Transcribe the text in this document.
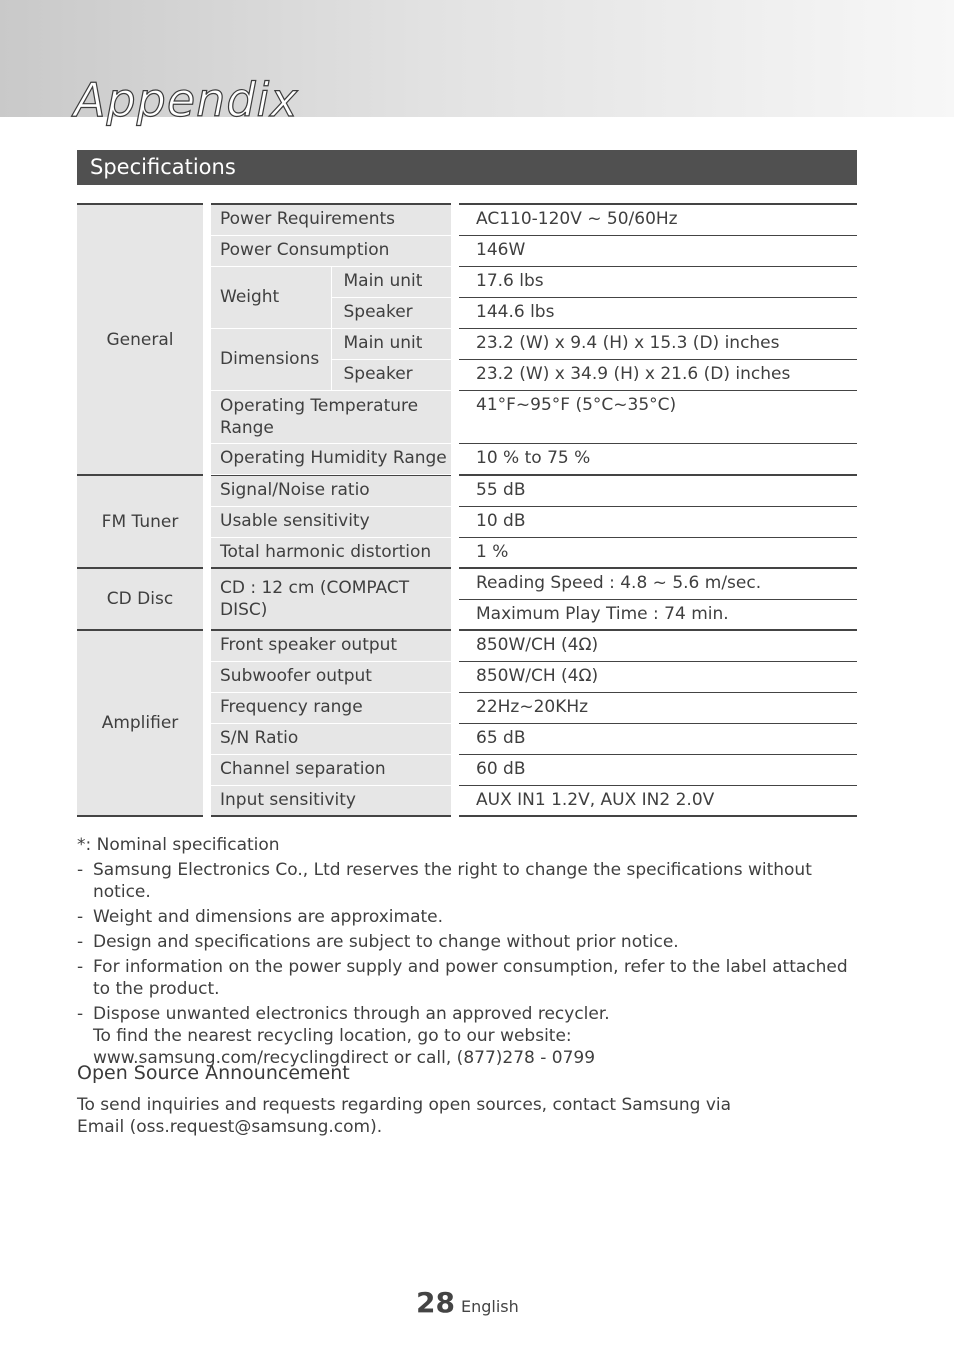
Appendix
Specifications
General		Power Requirements			AC110-120V ~ 50/60Hz
		Power Consumption			146W
		Weight	Main unit		17.6 lbs
			Speaker		144.6 lbs
		Dimensions	Main unit		23.2 (W) x 9.4 (H) x 15.3 (D) inches
			Speaker		23.2 (W) x 34.9 (H) x 21.6 (D) inches
		Operating Temperature Range			41°F~95°F (5°C~35°C)
		Operating Humidity Range			10 % to 75 %

FM Tuner		Signal/Noise ratio			55 dB
		Usable sensitivity			10 dB
		Total harmonic distortion			1 %
CD Disc		CD : 12 cm (COMPACT DISC)			Reading Speed : 4.8 ~ 5.6 m/sec.
					Maximum Play Time : 74 min.
Amplifier		Front speaker output			850W/CH (4Ω)
		Subwoofer output			850W/CH (4Ω)
		Frequency range			22Hz~20KHz
		S/N Ratio			65 dB
		Channel separation			60 dB
		Input sensitivity			AUX IN1 1.2V, AUX IN2 2.0V
*: Nominal specification
- Samsung Electronics Co., Ltd reserves the right to change the specifications without notice.
- Weight and dimensions are approximate.
- Design and specifications are subject to change without prior notice.
- For information on the power supply and power consumption, refer to the label attached to the product.
- Dispose unwanted electronics through an approved recycler.
To find the nearest recycling location, go to our website: www.samsung.com/recyclingdirect or call, (877)278 - 0799
Open Source Announcement
To send inquiries and requests regarding open sources, contact Samsung via Email (oss.request@samsung.com).
28 English
